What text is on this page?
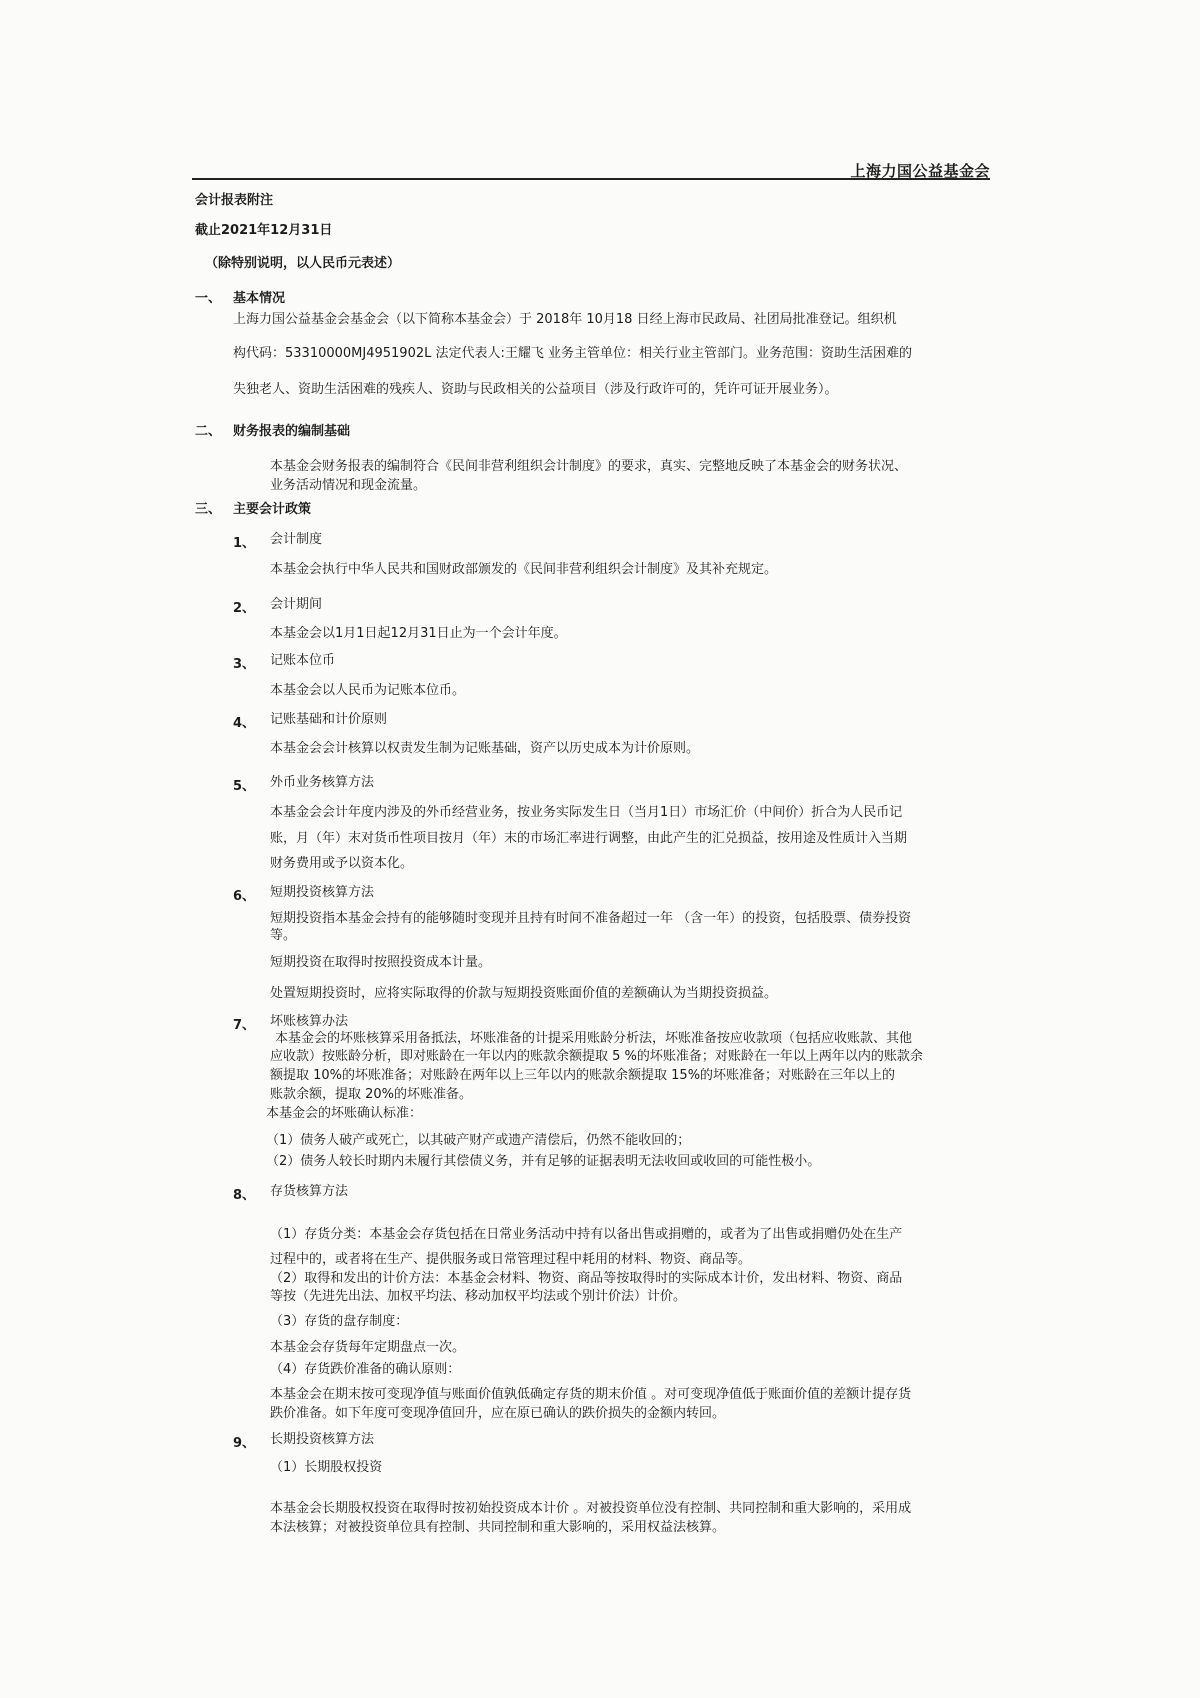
上海力国公益基金会
会计报表附注
截止2021年12月31日
（除特别说明，以人民币元表述）
一、 基本情况
上海力国公益基金会基金会（以下简称本基金会）于 2018年 10月18 日经上海市民政局、社团局批准登记。组织机
构代码：53310000MJ4951902L 法定代表人:王耀飞 业务主管单位：相关行业主管部门。业务范围：资助生活困难的
失独老人、资助生活困难的残疾人、资助与民政相关的公益项目（涉及行政许可的，凭许可证开展业务）。
二、 财务报表的编制基础
本基金会财务报表的编制符合《民间非营利组织会计制度》的要求，真实、完整地反映了本基金会的财务状况、
业务活动情况和现金流量。
三、 主要会计政策
1、 会计制度
本基金会执行中华人民共和国财政部颁发的《民间非营利组织会计制度》及其补充规定。
2、 会计期间
本基金会以1月1日起12月31日止为一个会计年度。
3、 记账本位币
本基金会以人民币为记账本位币。
4、 记账基础和计价原则
本基金会会计核算以权责发生制为记账基础，资产以历史成本为计价原则。
5、 外币业务核算方法
本基金会会计年度内涉及的外币经营业务，按业务实际发生日（当月1日）市场汇价（中间价）折合为人民币记
账，月（年）末对货币性项目按月（年）末的市场汇率进行调整，由此产生的汇兑损益，按用途及性质计入当期
财务费用或予以资本化。
6、 短期投资核算方法
短期投资指本基金会持有的能够随时变现并且持有时间不准备超过一年 （含一年）的投资，包括股票、债券投资
等。
短期投资在取得时按照投资成本计量。
处置短期投资时，应将实际取得的价款与短期投资账面价值的差额确认为当期投资损益。
7、 坏账核算办法
本基金会的坏账核算采用备抵法，坏账准备的计提采用账龄分析法，坏账准备按应收款项（包括应收账款、其他
应收款）按账龄分析，即对账龄在一年以内的账款余额提取 5 %的坏账准备；对账龄在一年以上两年以内的账款余
额提取 10%的坏账准备；对账龄在两年以上三年以内的账款余额提取 15%的坏账准备；对账龄在三年以上的
账款余额，提取 20%的坏账准备。
本基金会的坏账确认标准：
（1）债务人破产或死亡，以其破产财产或遗产清偿后，仍然不能收回的；
（2）债务人较长时期内未履行其偿债义务，并有足够的证据表明无法收回或收回的可能性极小。
8、 存货核算方法
（1）存货分类：本基金会存货包括在日常业务活动中持有以备出售或捐赠的，或者为了出售或捐赠仍处在生产
过程中的，或者将在生产、提供服务或日常管理过程中耗用的材料、物资、商品等。
（2）取得和发出的计价方法：本基金会材料、物资、商品等按取得时的实际成本计价，发出材料、物资、商品
等按（先进先出法、加权平均法、移动加权平均法或个别计价法）计价。
（3）存货的盘存制度：
本基金会存货每年定期盘点一次。
（4）存货跌价准备的确认原则：
本基金会在期末按可变现净值与账面价值孰低确定存货的期末价值 。对可变现净值低于账面价值的差额计提存货
跌价准备。如下年度可变现净值回升，应在原已确认的跌价损失的金额内转回。
9、 长期投资核算方法
（1）长期股权投资
本基金会长期股权投资在取得时按初始投资成本计价 。对被投资单位没有控制、共同控制和重大影响的，采用成
本法核算；对被投资单位具有控制、共同控制和重大影响的，采用权益法核算。
